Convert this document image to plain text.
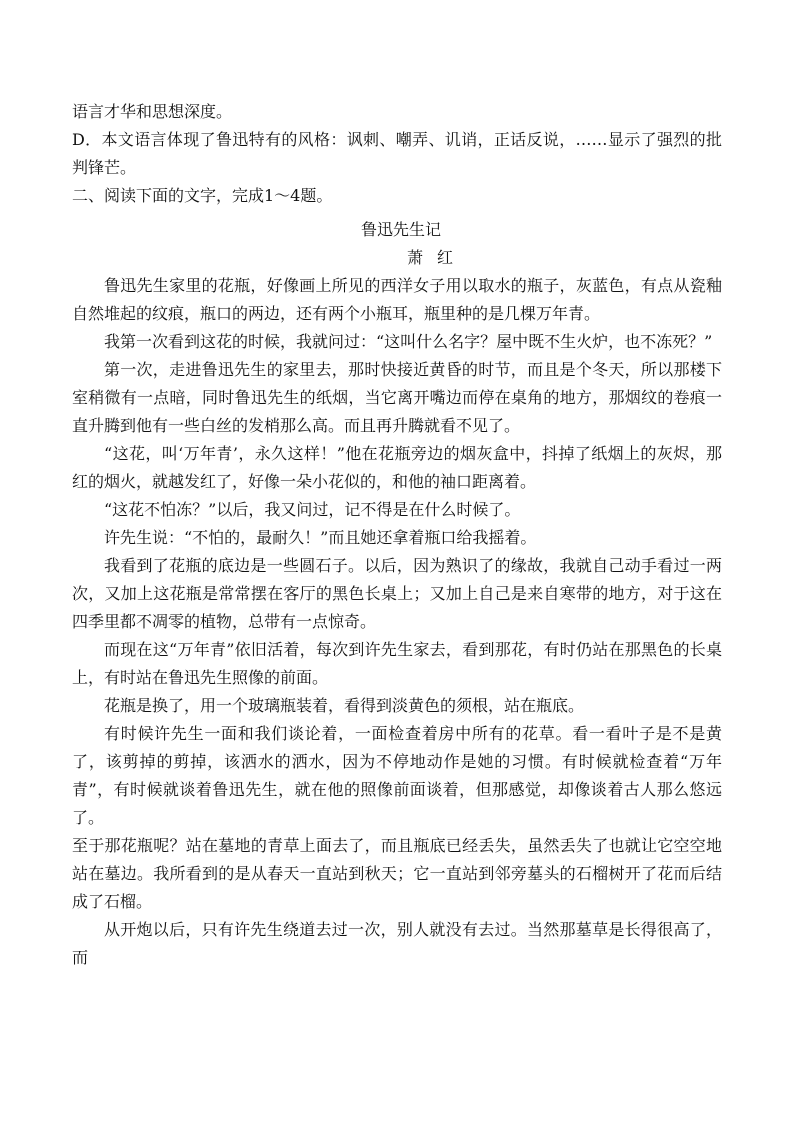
语言才华和思想深度。

D．本文语言体现了鲁迅特有的风格：讽刺、嘲弄、讥诮，正话反说，……显示了强烈的批判锋芒。

二、阅读下面的文字，完成1～4题。

鲁迅先生记

萧红

鲁迅先生家里的花瓶，好像画上所见的西洋女子用以取水的瓶子，灰蓝色，有点从瓷釉自然堆起的纹痕，瓶口的两边，还有两个小瓶耳，瓶里种的是几棵万年青。

我第一次看到这花的时候，我就问过：“这叫什么名字？屋中既不生火炉，也不冻死？”

第一次，走进鲁迅先生的家里去，那时快接近黄昏的时节，而且是个冬天，所以那楼下室稍微有一点暗，同时鲁迅先生的纸烟，当它离开嘴边而停在桌角的地方，那烟纹的卷痕一直升腾到他有一些白丝的发梢那么高。而且再升腾就看不见了。

“这花，叫‘万年青’，永久这样！”他在花瓶旁边的烟灰盒中，抖掉了纸烟上的灰烬，那红的烟火，就越发红了，好像一朵小花似的，和他的袖口距离着。

“这花不怕冻？”以后，我又问过，记不得是在什么时候了。

许先生说：“不怕的，最耐久！”而且她还拿着瓶口给我摇着。

我看到了花瓶的底边是一些圆石子。以后，因为熟识了的缘故，我就自己动手看过一两次，又加上这花瓶是常常摆在客厅的黑色长桌上；又加上自己是来自寒带的地方，对于这在四季里都不凋零的植物，总带有一点惊奇。

而现在这“万年青”依旧活着，每次到许先生家去，看到那花，有时仍站在那黑色的长桌上，有时站在鲁迅先生照像的前面。

花瓶是换了，用一个玻璃瓶装着，看得到淡黄色的须根，站在瓶底。

有时候许先生一面和我们谈论着，一面检查着房中所有的花草。看一看叶子是不是黄了，该剪掉的剪掉，该洒水的洒水，因为不停地动作是她的习惯。有时候就检查着“万年青”，有时候就谈着鲁迅先生，就在他的照像前面谈着，但那感觉，却像谈着古人那么悠远了。

至于那花瓶呢？站在墓地的青草上面去了，而且瓶底已经丢失，虽然丢失了也就让它空空地站在墓边。我所看到的是从春天一直站到秋天；它一直站到邻旁墓头的石榴树开了花而后结成了石榴。

从开炮以后，只有许先生绕道去过一次，别人就没有去过。当然那墓草是长得很高了，而
